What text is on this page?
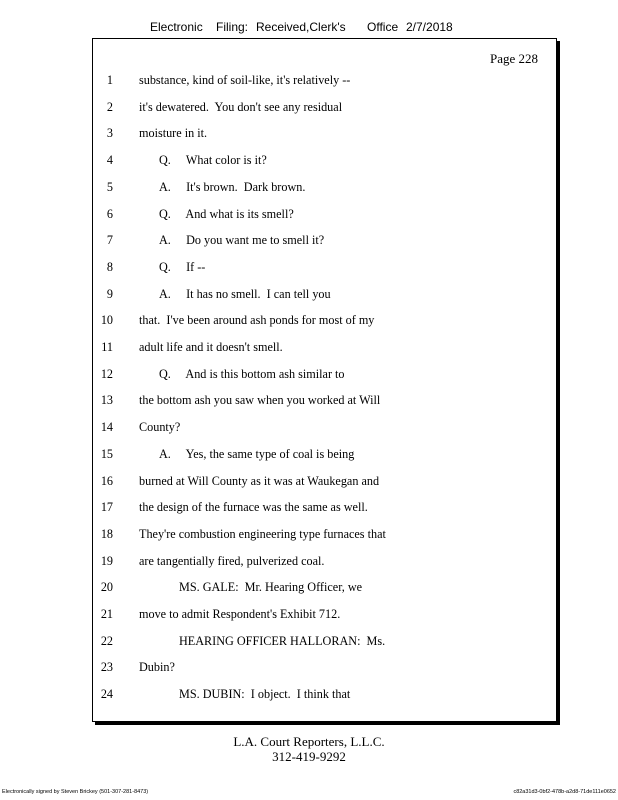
Electronic Filing: Received,Clerk's Office 2/7/2018
Page 228
1 substance, kind of soil-like, it's relatively --
2 it's dewatered.  You don't see any residual
3 moisture in it.
4	Q.     What color is it?
5	A.     It's brown.  Dark brown.
6	Q.     And what is its smell?
7	A.     Do you want me to smell it?
8	Q.     If --
9	A.     It has no smell.  I can tell you
10 that.  I've been around ash ponds for most of my
11 adult life and it doesn't smell.
12	Q.     And is this bottom ash similar to
13 the bottom ash you saw when you worked at Will
14 County?
15	A.     Yes, the same type of coal is being
16 burned at Will County as it was at Waukegan and
17 the design of the furnace was the same as well.
18 They're combustion engineering type furnaces that
19 are tangentially fired, pulverized coal.
20	MS. GALE:  Mr. Hearing Officer, we
21 move to admit Respondent's Exhibit 712.
22	HEARING OFFICER HALLORAN:  Ms.
23 Dubin?
24	MS. DUBIN:  I object.  I think that
L.A. Court Reporters, L.L.C.
312-419-9292
Electronically signed by Steven Brickey (501-307-281-8473)	c82a31d3-0bf2-478b-a2d8-71de111e0652
